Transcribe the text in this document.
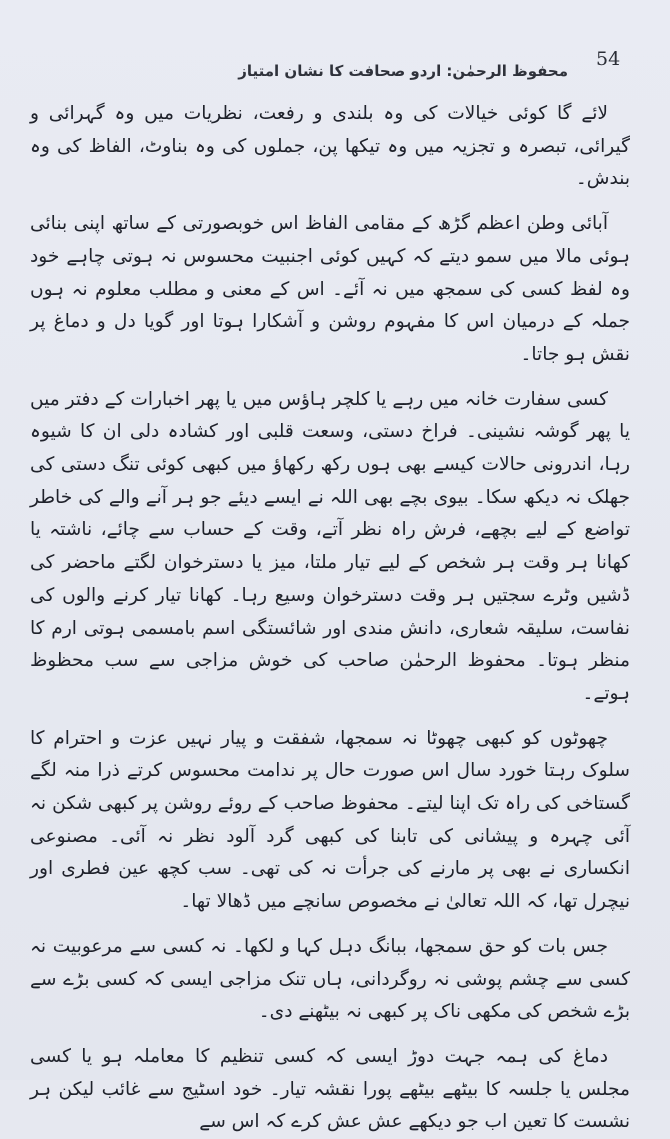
54
محفوظ الرحمٰن: اردو صحافت کا نشان امتیاز

لائے گا کوئی خیالات کی وہ بلندی و رفعت، نظریات میں وہ گہرائی و گیرائی، تبصرہ و تجزیہ میں وہ تیکھا پن، جملوں کی وہ بناوٹ، الفاظ کی وہ بندش۔

آبائی وطن اعظم گڑھ کے مقامی الفاظ اس خوبصورتی کے ساتھ اپنی بنائی ہوئی مالا میں سمو دیتے کہ کہیں کوئی اجنبیت محسوس نہ ہوتی چاہے خود وہ لفظ کسی کی سمجھ میں نہ آئے۔ اس کے معنی و مطلب معلوم نہ ہوں جملہ کے درمیان اس کا مفہوم روشن و آشکارا ہوتا اور گویا دل و دماغ پر نقش ہو جاتا۔

کسی سفارت خانہ میں رہے یا کلچر ہاؤس میں یا پھر اخبارات کے دفتر میں یا پھر گوشہ نشینی۔ فراخ دستی، وسعت قلبی اور کشادہ دلی ان کا شیوہ رہا، اندرونی حالات کیسے بھی ہوں رکھ رکھاؤ میں کبھی کوئی تنگ دستی کی جھلک نہ دیکھ سکا۔ بیوی بچے بھی اللہ نے ایسے دیئے جو ہر آنے والے کی خاطر تواضع کے لیے بچھے، فرش راہ نظر آتے، وقت کے حساب سے چائے، ناشتہ یا کھانا ہر وقت ہر شخص کے لیے تیار ملتا، میز یا دسترخوان لگتے ماحضر کی ڈشیں وٹرے سجتیں ہر وقت دسترخوان وسیع رہا۔ کھانا تیار کرنے والوں کی نفاست، سلیقہ شعاری، دانش مندی اور شائستگی اسم بامسمی ہوتی ارم کا منظر ہوتا۔ محفوظ الرحمٰن صاحب کی خوش مزاجی سے سب محظوظ ہوتے۔

چھوٹوں کو کبھی چھوٹا نہ سمجھا، شفقت و پیار نہیں عزت و احترام کا سلوک رہتا خورد سال اس صورت حال پر ندامت محسوس کرتے ذرا منہ لگے گستاخی کی راہ تک اپنا لیتے۔ محفوظ صاحب کے روئے روشن پر کبھی شکن نہ آئی چہرہ و پیشانی کی تابنا کی کبھی گرد آلود نظر نہ آئی۔ مصنوعی انکساری نے بھی پر مارنے کی جرأت نہ کی تھی۔ سب کچھ عین فطری اور نیچرل تھا، کہ اللہ تعالیٰ نے مخصوص سانچے میں ڈھالا تھا۔

جس بات کو حق سمجھا، ببانگ دہل کہا و لکھا۔ نہ کسی سے مرعوبیت نہ کسی سے چشم پوشی نہ روگردانی، ہاں تنک مزاجی ایسی کہ کسی بڑے سے بڑے شخص کی مکھی ناک پر کبھی نہ بیٹھنے دی۔

دماغ کی ہمہ جہت دوڑ ایسی کہ کسی تنظیم کا معاملہ ہو یا کسی مجلس یا جلسہ کا بیٹھے بیٹھے پورا نقشہ تیار۔ خود اسٹیج سے غائب لیکن ہر نشست کا تعین اب جو دیکھے عش عش کرے کہ اس سے
